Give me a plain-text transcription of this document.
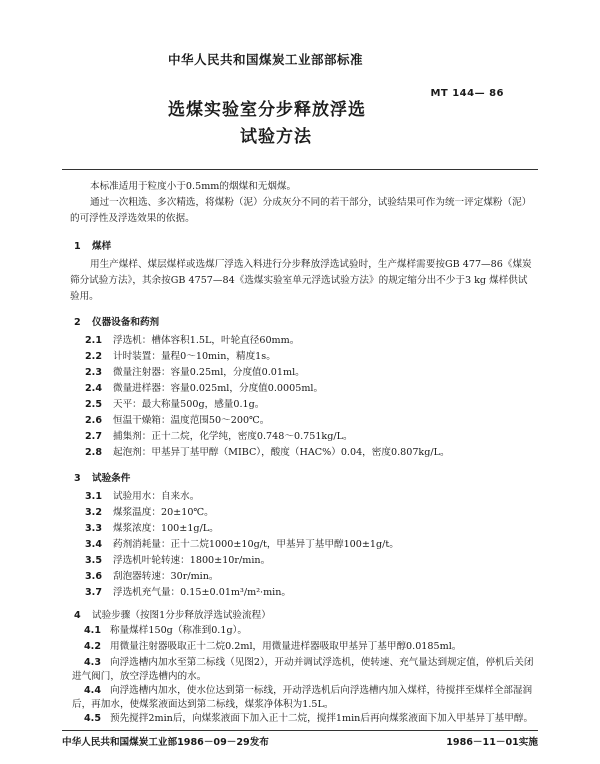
中华人民共和国煤炭工业部部标准
MT 144— 86
选煤实验室分步释放浮选
试验方法
本标准适用于粒度小于0.5mm的烟煤和无烟煤。
通过一次粗选、多次精选，将煤粉（泥）分成灰分不同的若干部分，试验结果可作为统一评定煤粉（泥）的可浮性及浮选效果的依据。
1 煤样
用生产煤样、煤层煤样或选煤厂浮选入料进行分步释放浮选试验时，生产煤样需要按GB 477—86《煤炭筛分试验方法》，其余按GB 4757—84《选煤实验室单元浮选试验方法》的规定缩分出不少于3 kg 煤样供试验用。
2 仪器设备和药剂
2.1 浮选机：槽体容积1.5L，叶轮直径60mm。
2.2 计时装置：量程0～10min，精度1s。
2.3 微量注射器：容量0.25ml，分度值0.01ml。
2.4 微量进样器：容量0.025ml，分度值0.0005ml。
2.5 天平：最大称量500g，感量0.1g。
2.6 恒温干燥箱：温度范围50～200℃。
2.7 捕集剂：正十二烷，化学纯，密度0.748～0.751kg/L。
2.8 起泡剂：甲基异丁基甲醇（MIBC），酸度（HAC%）0.04，密度0.807kg/L。
3 试验条件
3.1 试验用水：自来水。
3.2 煤浆温度：20±10℃。
3.3 煤浆浓度：100±1g/L。
3.4 药剂消耗量：正十二烷1000±10g/t，甲基异丁基甲醇100±1g/t。
3.5 浮选机叶轮转速：1800±10r/min。
3.6 刮泡器转速：30r/min。
3.7 浮选机充气量：0.15±0.01m³/m²·min。
4 试验步骤（按图1分步释放浮选试验流程）
4.1 称量煤样150g（称准到0.1g）。
4.2 用微量注射器吸取正十二烷0.2ml，用微量进样器吸取甲基异丁基甲醇0.0185ml。
4.3 向浮选槽内加水至第二标线（见图2），开动并调试浮选机，使转速、充气量达到规定值，停机后关闭进气阀门，放空浮选槽内的水。
4.4 向浮选槽内加水，使水位达到第一标线，开动浮选机后向浮选槽内加入煤样，待搅拌至煤样全部湿润后，再加水，使煤浆液面达到第二标线，煤浆净体积为1.5L。
4.5 预先搅拌2min后，向煤浆液面下加入正十二烷，搅拌1min后再向煤浆液面下加入甲基异丁基甲醇。
中华人民共和国煤炭工业部1986－09－29发布	1986－11－01实施
